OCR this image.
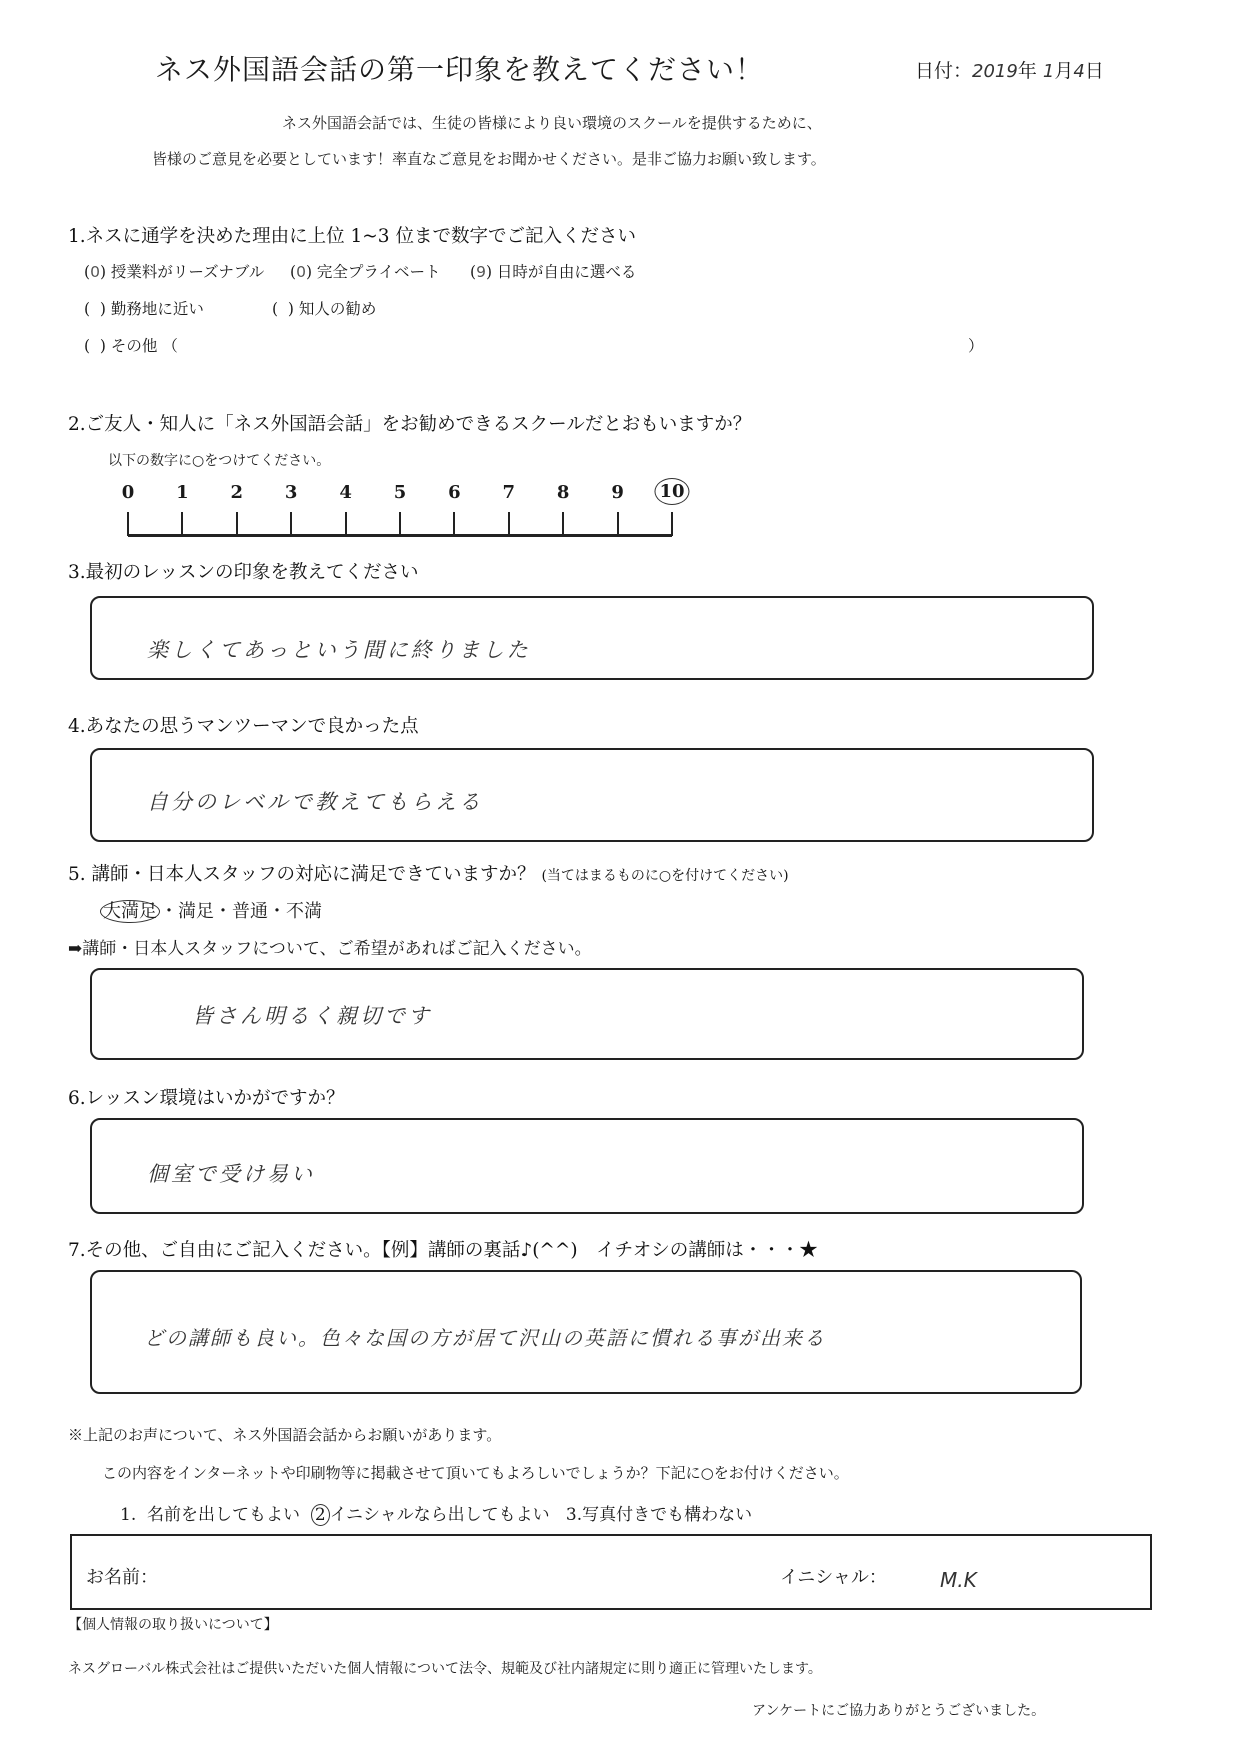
ネス外国語会話の第一印象を教えてください！	日付：2019年 1月4日
ネス外国語会話では、生徒の皆様により良い環境のスクールを提供するために、
皆様のご意見を必要としています！率直なご意見をお聞かせください。是非ご協力お願い致します。
1.ネスに通学を決めた理由に上位 1~3 位まで数字でご記入ください
(0) 授業料がリーズナブル (0) 完全プライベート (9) 日時が自由に選べる
(  ) 勤務地に近い	(  ) 知人の勧め
(  ) その他 （	）
2.ご友人・知人に「ネス外国語会話」をお勧めできるスクールだとおもいますか？
以下の数字に○をつけてください。
0 1 2 3 4 5 6 7 8 9 10
3.最初のレッスンの印象を教えてください
楽しくてあっという間に終りました
4.あなたの思うマンツーマンで良かった点
自分のレベルで教えてもらえる
5. 講師・日本人スタッフの対応に満足できていますか？ (当てはまるものに○を付けてください)
大満足 ・満足・普通・不満
➡講師・日本人スタッフについて、ご希望があればご記入ください。
皆さん明るく親切です
6.レッスン環境はいかがですか？
個室で受け易い
7.その他、ご自由にご記入ください。【例】講師の裏話♪(^^)　イチオシの講師は・・・★
どの講師も良い。色々な国の方が居て沢山の英語に慣れる事が出来る
※上記のお声について、ネス外国語会話からお願いがあります。
この内容をインターネットや印刷物等に掲載させて頂いてもよろしいでしょうか？下記に○をお付けください。
1. 名前を出してもよい 2 イニシャルなら出してもよい 3.写真付きでも構わない
お名前：	イニシャル：	M.K
【個人情報の取り扱いについて】
ネスグローバル株式会社はご提供いただいた個人情報について法令、規範及び社内諸規定に則り適正に管理いたします。
アンケートにご協力ありがとうございました。
